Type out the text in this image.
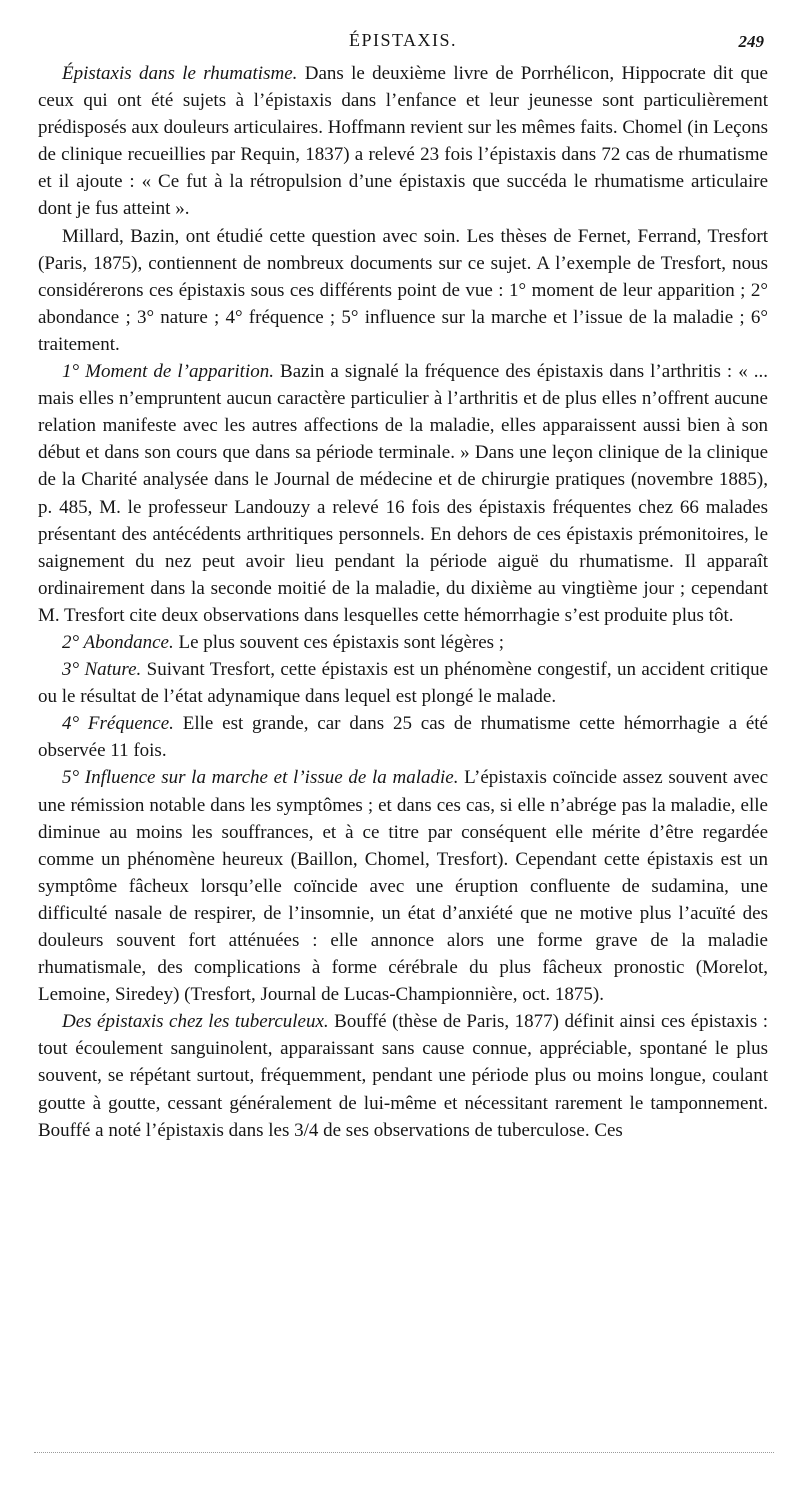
ÉPISTAXIS.	249

Épistaxis dans le rhumatisme. Dans le deuxième livre de Porrhélicon, Hippocrate dit que ceux qui ont été sujets à l’épistaxis dans l’enfance et leur jeunesse sont particulièrement prédisposés aux douleurs articulaires. Hoffmann revient sur les mêmes faits. Chomel (in Leçons de clinique recueillies par Requin, 1837) a relevé 23 fois l’épistaxis dans 72 cas de rhumatisme et il ajoute : « Ce fut à la rétropulsion d’une épistaxis que succéda le rhumatisme articulaire dont je fus atteint ».

Millard, Bazin, ont étudié cette question avec soin. Les thèses de Fernet, Ferrand, Tresfort (Paris, 1875), contiennent de nombreux documents sur ce sujet. A l’exemple de Tresfort, nous considérerons ces épistaxis sous ces différents point de vue : 1° moment de leur apparition ; 2° abondance ; 3° nature ; 4° fréquence ; 5° influence sur la marche et l’issue de la maladie ; 6° traitement.

1° Moment de l’apparition. Bazin a signalé la fréquence des épistaxis dans l’arthritis : « ... mais elles n’empruntent aucun caractère particulier à l’arthritis et de plus elles n’offrent aucune relation manifeste avec les autres affections de la maladie, elles apparaissent aussi bien à son début et dans son cours que dans sa période terminale. » Dans une leçon clinique de la clinique de la Charité analysée dans le Journal de médecine et de chirurgie pratiques (novembre 1885), p. 485, M. le professeur Landouzy a relevé 16 fois des épistaxis fréquentes chez 66 malades présentant des antécédents arthritiques personnels. En dehors de ces épistaxis prémonitoires, le saignement du nez peut avoir lieu pendant la période aiguë du rhumatisme. Il apparaît ordinairement dans la seconde moitié de la maladie, du dixième au vingtième jour ; cependant M. Tresfort cite deux observations dans lesquelles cette hémorrhagie s’est produite plus tôt.

2° Abondance. Le plus souvent ces épistaxis sont légères ;

3° Nature. Suivant Tresfort, cette épistaxis est un phénomène congestif, un accident critique ou le résultat de l’état adynamique dans lequel est plongé le malade.

4° Fréquence. Elle est grande, car dans 25 cas de rhumatisme cette hémorrhagie a été observée 11 fois.

5° Influence sur la marche et l’issue de la maladie. L’épistaxis coïncide assez souvent avec une rémission notable dans les symptômes ; et dans ces cas, si elle n’abrége pas la maladie, elle diminue au moins les souffrances, et à ce titre par conséquent elle mérite d’être regardée comme un phénomène heureux (Baillon, Chomel, Tresfort). Cependant cette épistaxis est un symptôme fâcheux lorsqu’elle coïncide avec une éruption confluente de sudamina, une difficulté nasale de respirer, de l’insomnie, un état d’anxiété que ne motive plus l’acuïté des douleurs souvent fort atténuées : elle annonce alors une forme grave de la maladie rhumatismale, des complications à forme cérébrale du plus fâcheux pronostic (Morelot, Lemoine, Siredey) (Tresfort, Journal de Lucas-Championnière, oct. 1875).

Des épistaxis chez les tuberculeux. Bouffé (thèse de Paris, 1877) définit ainsi ces épistaxis : tout écoulement sanguinolent, apparaissant sans cause connue, appréciable, spontané le plus souvent, se répétant surtout, fréquemment, pendant une période plus ou moins longue, coulant goutte à goutte, cessant généralement de lui-même et nécessitant rarement le tamponnement. Bouffé a noté l’épistaxis dans les 3/4 de ses observations de tuberculose. Ces
